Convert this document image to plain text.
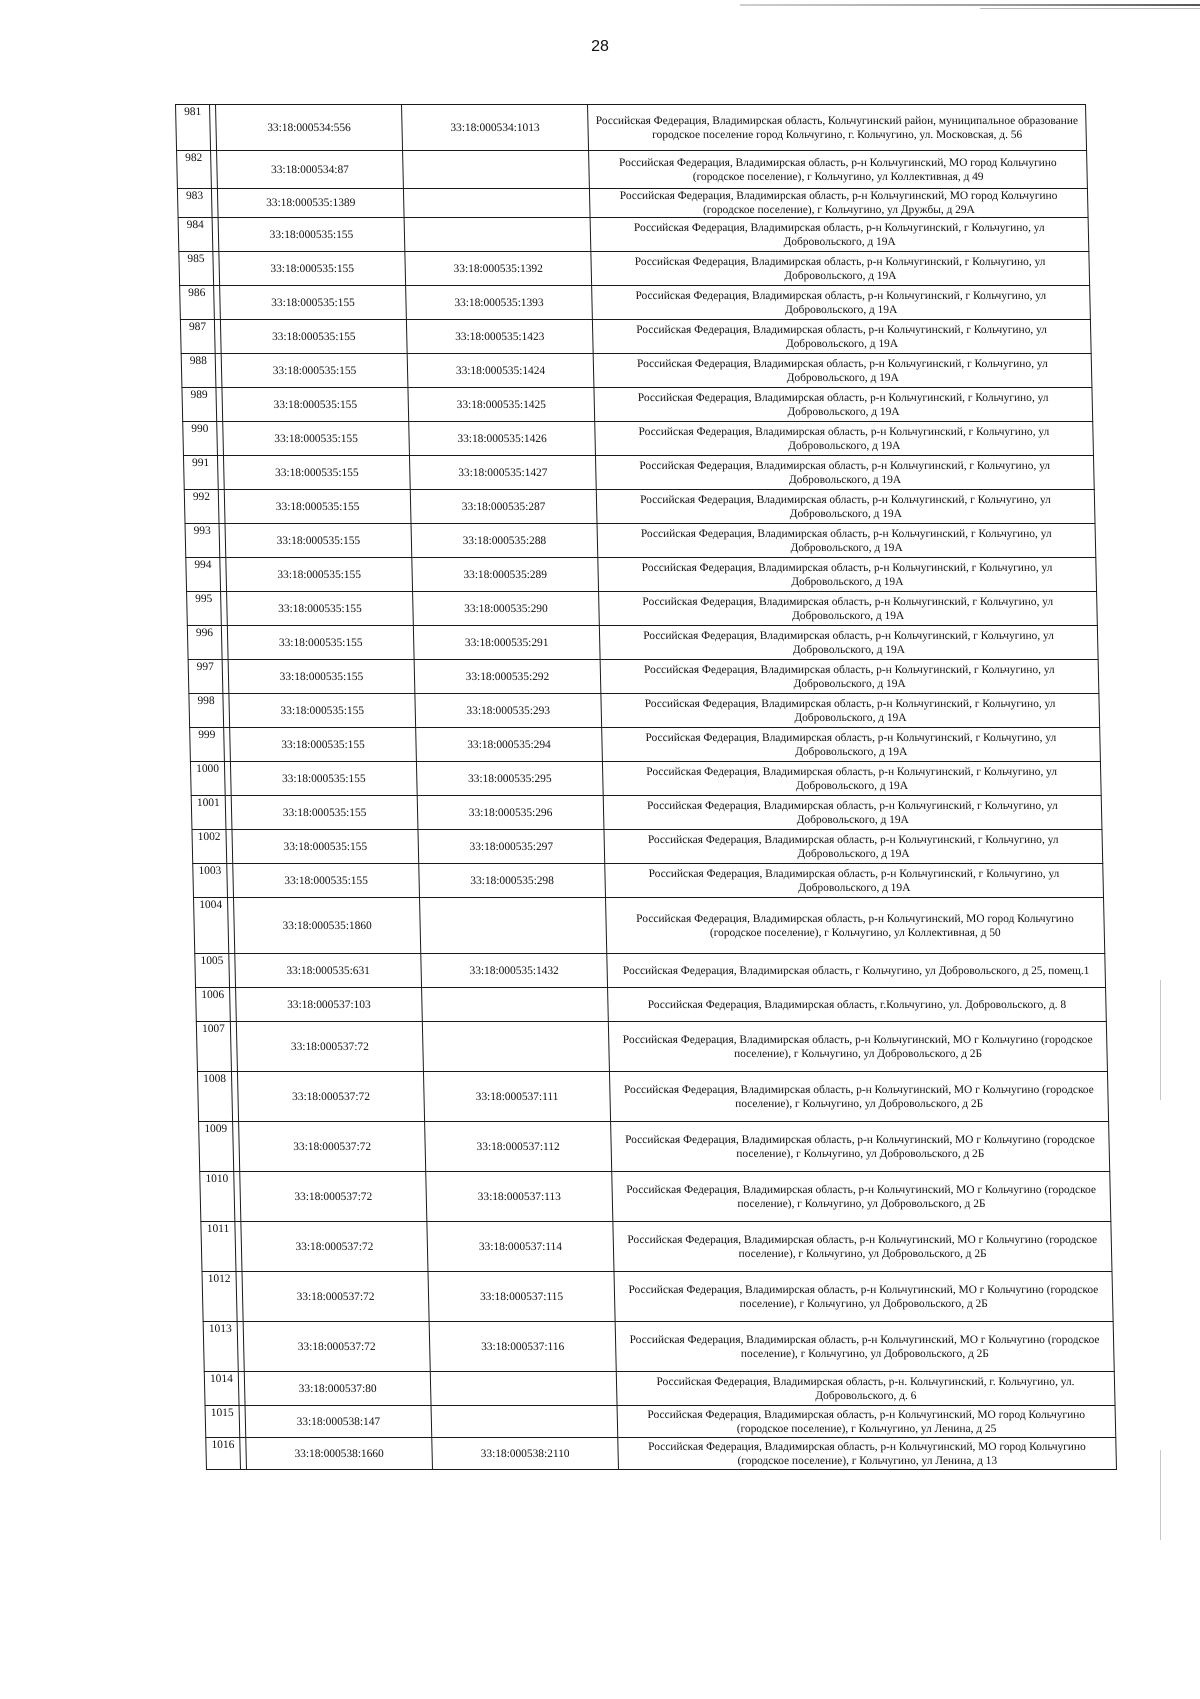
28
981		33:18:000534:556	33:18:000534:1013	Российская Федерация, Владимирская область, Кольчугинский район, муниципальное образование городское поселение город Кольчугино, г. Кольчугино, ул. Московская, д. 56
982		33:18:000534:87		Российская Федерация, Владимирская область, р-н Кольчугинский, МО город Кольчугино (городское поселение), г Кольчугино, ул Коллективная, д 49
983		33:18:000535:1389		Российская Федерация, Владимирская область, р-н Кольчугинский, МО город Кольчугино (городское поселение), г Кольчугино, ул Дружбы, д 29А
984		33:18:000535:155		Российская Федерация, Владимирская область, р-н Кольчугинский, г Кольчугино, ул Добровольского, д 19А
985		33:18:000535:155	33:18:000535:1392	Российская Федерация, Владимирская область, р-н Кольчугинский, г Кольчугино, ул Добровольского, д 19А
986		33:18:000535:155	33:18:000535:1393	Российская Федерация, Владимирская область, р-н Кольчугинский, г Кольчугино, ул Добровольского, д 19А
987		33:18:000535:155	33:18:000535:1423	Российская Федерация, Владимирская область, р-н Кольчугинский, г Кольчугино, ул Добровольского, д 19А
988		33:18:000535:155	33:18:000535:1424	Российская Федерация, Владимирская область, р-н Кольчугинский, г Кольчугино, ул Добровольского, д 19А
989		33:18:000535:155	33:18:000535:1425	Российская Федерация, Владимирская область, р-н Кольчугинский, г Кольчугино, ул Добровольского, д 19А
990		33:18:000535:155	33:18:000535:1426	Российская Федерация, Владимирская область, р-н Кольчугинский, г Кольчугино, ул Добровольского, д 19А
991		33:18:000535:155	33:18:000535:1427	Российская Федерация, Владимирская область, р-н Кольчугинский, г Кольчугино, ул Добровольского, д 19А
992		33:18:000535:155	33:18:000535:287	Российская Федерация, Владимирская область, р-н Кольчугинский, г Кольчугино, ул Добровольского, д 19А
993		33:18:000535:155	33:18:000535:288	Российская Федерация, Владимирская область, р-н Кольчугинский, г Кольчугино, ул Добровольского, д 19А
994		33:18:000535:155	33:18:000535:289	Российская Федерация, Владимирская область, р-н Кольчугинский, г Кольчугино, ул Добровольского, д 19А
995		33:18:000535:155	33:18:000535:290	Российская Федерация, Владимирская область, р-н Кольчугинский, г Кольчугино, ул Добровольского, д 19А
996		33:18:000535:155	33:18:000535:291	Российская Федерация, Владимирская область, р-н Кольчугинский, г Кольчугино, ул Добровольского, д 19А
997		33:18:000535:155	33:18:000535:292	Российская Федерация, Владимирская область, р-н Кольчугинский, г Кольчугино, ул Добровольского, д 19А
998		33:18:000535:155	33:18:000535:293	Российская Федерация, Владимирская область, р-н Кольчугинский, г Кольчугино, ул Добровольского, д 19А
999		33:18:000535:155	33:18:000535:294	Российская Федерация, Владимирская область, р-н Кольчугинский, г Кольчугино, ул Добровольского, д 19А
1000		33:18:000535:155	33:18:000535:295	Российская Федерация, Владимирская область, р-н Кольчугинский, г Кольчугино, ул Добровольского, д 19А
1001		33:18:000535:155	33:18:000535:296	Российская Федерация, Владимирская область, р-н Кольчугинский, г Кольчугино, ул Добровольского, д 19А
1002		33:18:000535:155	33:18:000535:297	Российская Федерация, Владимирская область, р-н Кольчугинский, г Кольчугино, ул Добровольского, д 19А
1003		33:18:000535:155	33:18:000535:298	Российская Федерация, Владимирская область, р-н Кольчугинский, г Кольчугино, ул Добровольского, д 19А
1004		33:18:000535:1860		Российская Федерация, Владимирская область, р-н Кольчугинский, МО город Кольчугино (городское поселение), г Кольчугино, ул Коллективная, д 50
1005		33:18:000535:631	33:18:000535:1432	Российская Федерация, Владимирская область, г Кольчугино, ул Добровольского, д 25, помещ.1
1006		33:18:000537:103		Российская Федерация, Владимирская область, г.Кольчугино, ул. Добровольского, д. 8
1007		33:18:000537:72		Российская Федерация, Владимирская область, р-н Кольчугинский, МО г Кольчугино (городское поселение), г Кольчугино, ул Добровольского, д 2Б
1008		33:18:000537:72	33:18:000537:111	Российская Федерация, Владимирская область, р-н Кольчугинский, МО г Кольчугино (городское поселение), г Кольчугино, ул Добровольского, д 2Б
1009		33:18:000537:72	33:18:000537:112	Российская Федерация, Владимирская область, р-н Кольчугинский, МО г Кольчугино (городское поселение), г Кольчугино, ул Добровольского, д 2Б
1010		33:18:000537:72	33:18:000537:113	Российская Федерация, Владимирская область, р-н Кольчугинский, МО г Кольчугино (городское поселение), г Кольчугино, ул Добровольского, д 2Б
1011		33:18:000537:72	33:18:000537:114	Российская Федерация, Владимирская область, р-н Кольчугинский, МО г Кольчугино (городское поселение), г Кольчугино, ул Добровольского, д 2Б
1012		33:18:000537:72	33:18:000537:115	Российская Федерация, Владимирская область, р-н Кольчугинский, МО г Кольчугино (городское поселение), г Кольчугино, ул Добровольского, д 2Б
1013		33:18:000537:72	33:18:000537:116	Российская Федерация, Владимирская область, р-н Кольчугинский, МО г Кольчугино (городское поселение), г Кольчугино, ул Добровольского, д 2Б
1014		33:18:000537:80		Российская Федерация, Владимирская область, р-н. Кольчугинский, г. Кольчугино, ул. Добровольского, д. 6
1015		33:18:000538:147		Российская Федерация, Владимирская область, р-н Кольчугинский, МО город Кольчугино (городское поселение), г Кольчугино, ул Ленина, д 25
1016		33:18:000538:1660	33:18:000538:2110	Российская Федерация, Владимирская область, р-н Кольчугинский, МО город Кольчугино (городское поселение), г Кольчугино, ул Ленина, д 13
